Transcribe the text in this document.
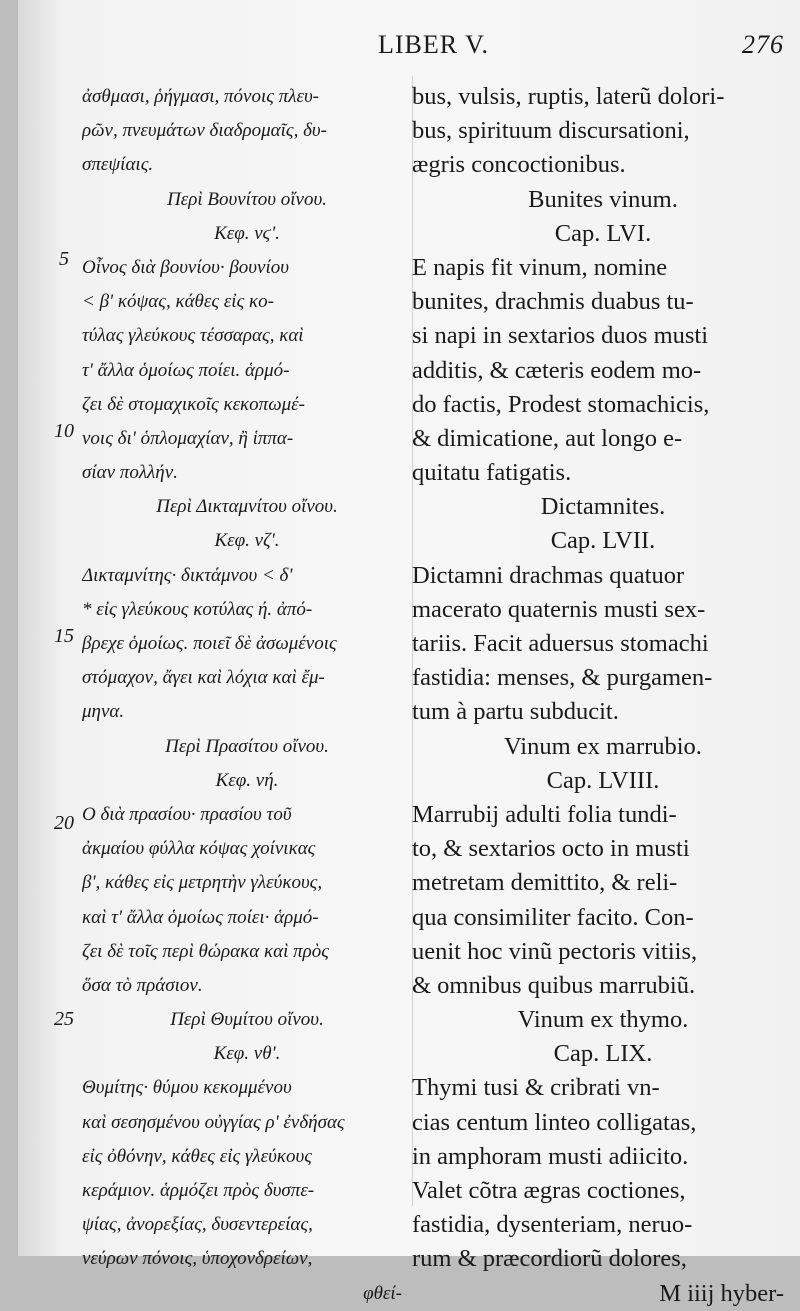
LIBER V.	276
5
10
15
20
25
ἀσθμασι, ῥήγμασι, πόνοις πλευ-
ρῶν, πνευμάτων διαδρομαῖς, δυ-
σπεψίαις.
Περὶ Βουνίτου οἴνου.
Κεφ. νϛ'.
Οἶνος διὰ βουνίου· βουνίου
< β' κόψας, κάθες εἰς κο-
τύλας γλεύκους τέσσαρας, καὶ
τ' ἄλλα ὁμοίως ποίει. ἁρμό-
ζει δὲ στομαχικοῖς κεκοπωμέ-
νοις δι' ὁπλομαχίαν, ἢ ἱππα-
σίαν πολλήν.
Περὶ Δικταμνίτου οἴνου.
Κεφ. νζ'.
Δικταμνίτης· δικτάμνου < δ'
* εἰς γλεύκους κοτύλας ή. ἀπό-
βρεχε ὁμοίως. ποιεῖ δὲ ἀσωμένοις
στόμαχον, ἄγει καὶ λόχια καὶ ἔμ-
μηνα.
Περὶ Πρασίτου οἴνου.
Κεφ. νή.
Ο διὰ πρασίου· πρασίου τοῦ
ἀκμαίου φύλλα κόψας χοίνικας
β', κάθες εἰς μετρητὴν γλεύκους,
καὶ τ' ἄλλα ὁμοίως ποίει· ἁρμό-
ζει δὲ τοῖς περὶ θώρακα καὶ πρὸς
ὅσα τὸ πράσιον.
Περὶ Θυμίτου οἴνου.
Κεφ. νθ'.
Θυμίτης· θύμου κεκομμένου
καὶ σεσησμένου οὐγγίας ρ' ἐνδήσας
εἰς ὀθόνην, κάθες εἰς γλεύκους
κεράμιον. ἁρμόζει πρὸς δυσπε-
ψίας, ἀνορεξίας, δυσεντερείας,
νεύρων πόνοις, ὑποχονδρείων,
φθεί-
bus, vulsis, ruptis, laterũ dolori-
bus, spirituum discursationi,
ægris concoctionibus.
Bunites vinum.
Cap. LVI.
E napis fit vinum, nomine
bunites, drachmis duabus tu-
si napi in sextarios duos musti
additis, & cæteris eodem mo-
do factis, Prodest stomachicis,
& dimicatione, aut longo e-
quitatu fatigatis.
Dictamnites.
Cap. LVII.
Dictamni drachmas quatuor
macerato quaternis musti sex-
tariis. Facit aduersus stomachi
fastidia: menses, & purgamen-
tum à partu subducit.
Vinum ex marrubio.
Cap. LVIII.
Marrubij adulti folia tundi-
to, & sextarios octo in musti
metretam demittito, & reli-
qua consimiliter facito. Con-
uenit hoc vinũ pectoris vitiis,
& omnibus quibus marrubiũ.
Vinum ex thymo.
Cap. LIX.
Thymi tusi & cribrati vn-
cias centum linteo colligatas,
in amphoram musti adiicito.
Valet cõtra ægras coctiones,
fastidia, dysenteriam, neruo-
rum & præcordiorũ dolores,
M iiij hyber-
